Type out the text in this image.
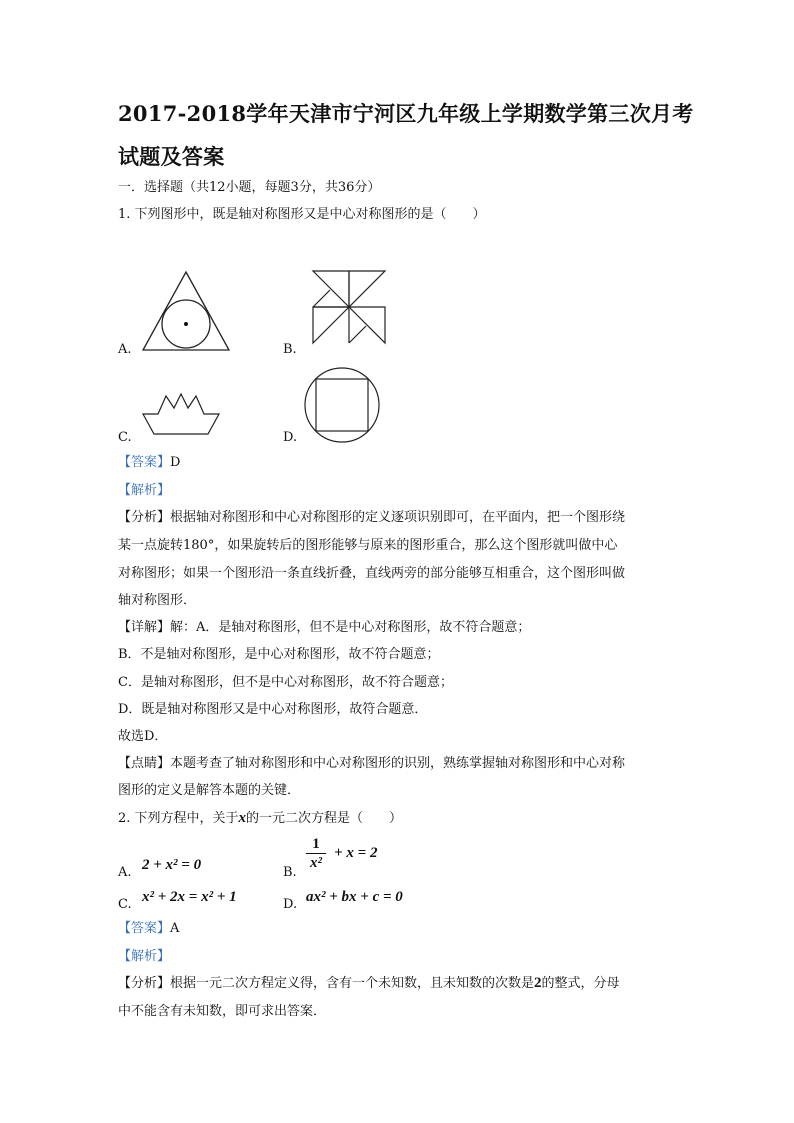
2017-2018学年天津市宁河区九年级上学期数学第三次月考
试题及答案
一．选择题（共12小题，每题3分，共36分）
1. 下列图形中，既是轴对称图形又是中心对称图形的是（　　）
A.	B.
C.	D.
【答案】D
【解析】
【分析】根据轴对称图形和中心对称图形的定义逐项识别即可，在平面内，把一个图形绕
某一点旋转180°，如果旋转后的图形能够与原来的图形重合，那么这个图形就叫做中心
对称图形；如果一个图形沿一条直线折叠，直线两旁的部分能够互相重合，这个图形叫做
轴对称图形．
【详解】解：A．是轴对称图形，但不是中心对称图形，故不符合题意；
B．不是轴对称图形，是中心对称图形，故不符合题意；
C．是轴对称图形，但不是中心对称图形，故不符合题意；
D．既是轴对称图形又是中心对称图形，故符合题意．
故选D．
【点睛】本题考查了轴对称图形和中心对称图形的识别，熟练掌握轴对称图形和中心对称
图形的定义是解答本题的关键．
2. 下列方程中，关于x的一元二次方程是（　　）
A. 2 + x² = 0	B.
$\frac{1}{\text{x²}} + x = 2$
C. x² + 2x = x² + 1	D. ax² + bx + c = 0
【答案】A
【解析】
【分析】根据一元二次方程定义得，含有一个未知数，且未知数的次数是2的整式，分母
中不能含有未知数，即可求出答案．
